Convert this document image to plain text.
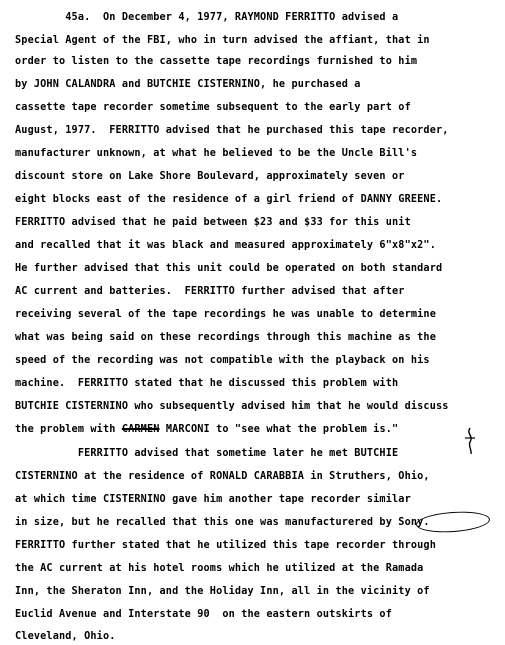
45a.  On December 4, 1977, RAYMOND FERRITTO advised a
Special Agent of the FBI, who in turn advised the affiant, that in
order to listen to the cassette tape recordings furnished to him
by JOHN CALANDRA and BUTCHIE CISTERNINO, he purchased a
cassette tape recorder sometime subsequent to the early part of
August, 1977.  FERRITTO advised that he purchased this tape recorder,
manufacturer unknown, at what he believed to be the Uncle Bill's
discount store on Lake Shore Boulevard, approximately seven or
eight blocks east of the residence of a girl friend of DANNY GREENE.
FERRITTO advised that he paid between $23 and $33 for this unit
and recalled that it was black and measured approximately 6"x8"x2".
He further advised that this unit could be operated on both standard
AC current and batteries.  FERRITTO further advised that after
receiving several of the tape recordings he was unable to determine
what was being said on these recordings through this machine as the
speed of the recording was not compatible with the playback on his
machine.  FERRITTO stated that he discussed this problem with
BUTCHIE CISTERNINO who subsequently advised him that he would discuss
the problem with CARMEN MARCONI to "see what the problem is."
FERRITTO advised that sometime later he met BUTCHIE
CISTERNINO at the residence of RONALD CARABBIA in Struthers, Ohio,
at which time CISTERNINO gave him another tape recorder similar
in size, but he recalled that this one was manufacturered by Sony.
FERRITTO further stated that he utilized this tape recorder through
the AC current at his hotel rooms which he utilized at the Ramada
Inn, the Sheraton Inn, and the Holiday Inn, all in the vicinity of
Euclid Avenue and Interstate 90  on the eastern outskirts of
Cleveland, Ohio.
